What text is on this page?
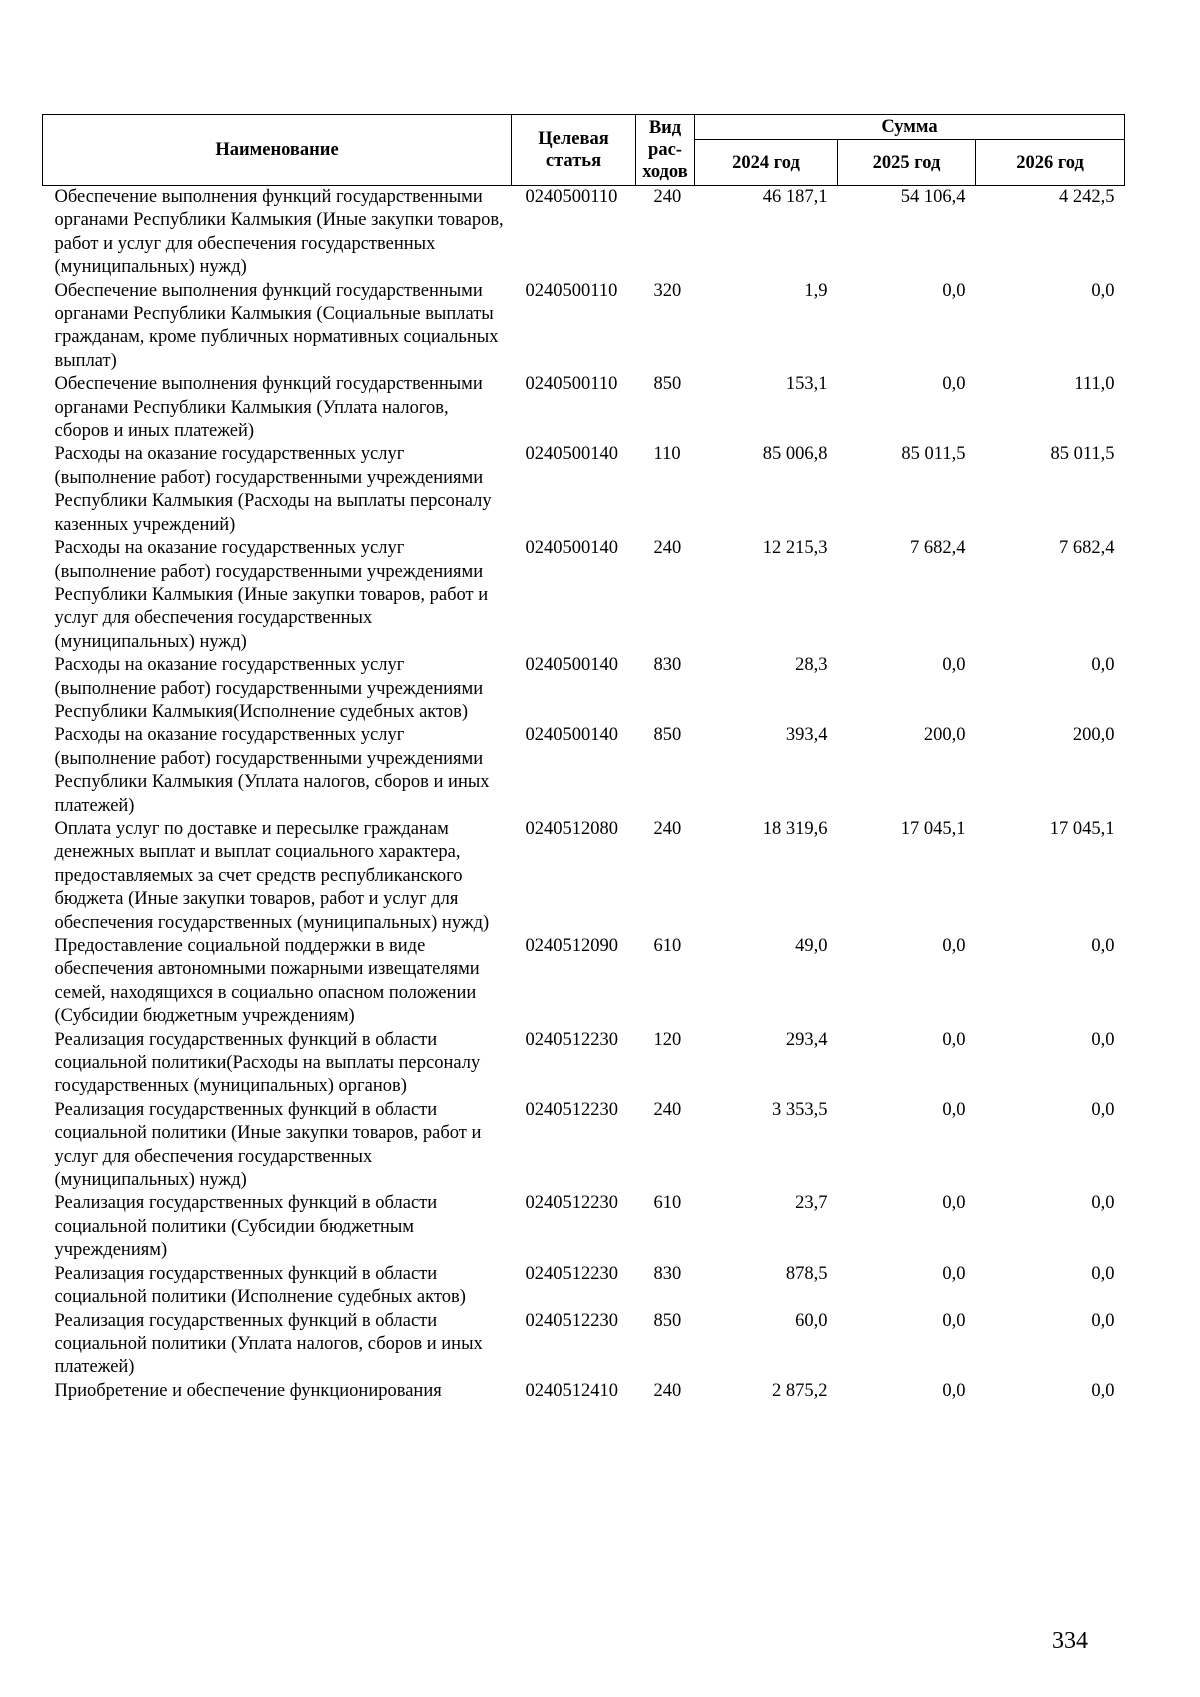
Наименование	Целевая статья	Вид рас- ходов	Сумма		
			2024 год	2025 год	2026 год
Обеспечение выполнения функций государственными органами Республики Калмыкия (Иные закупки товаров, работ и услуг для обеспечения государственных (муниципальных) нужд)	0240500110	240	46 187,1	54 106,4	4 242,5
Обеспечение выполнения функций государственными органами Республики Калмыкия (Социальные выплаты гражданам, кроме публичных нормативных социальных выплат)	0240500110	320	1,9	0,0	0,0
Обеспечение выполнения функций государственными органами Республики Калмыкия (Уплата налогов, сборов и иных платежей)	0240500110	850	153,1	0,0	111,0
Расходы на оказание государственных услуг (выполнение работ) государственными учреждениями Республики Калмыкия (Расходы на выплаты персоналу казенных учреждений)	0240500140	110	85 006,8	85 011,5	85 011,5
Расходы на оказание государственных услуг (выполнение работ) государственными учреждениями Республики Калмыкия (Иные закупки товаров, работ и услуг для обеспечения государственных (муниципальных) нужд)	0240500140	240	12 215,3	7 682,4	7 682,4
Расходы на оказание государственных услуг (выполнение работ) государственными учреждениями Республики Калмыкия(Исполнение судебных актов)	0240500140	830	28,3	0,0	0,0
Расходы на оказание государственных услуг (выполнение работ) государственными учреждениями Республики Калмыкия (Уплата налогов, сборов и иных платежей)	0240500140	850	393,4	200,0	200,0
Оплата услуг по доставке и пересылке гражданам денежных выплат и выплат социального характера, предоставляемых за счет средств республиканского бюджета (Иные закупки товаров, работ и услуг для обеспечения государственных (муниципальных) нужд)	0240512080	240	18 319,6	17 045,1	17 045,1
Предоставление социальной поддержки в виде обеспечения автономными пожарными извещателями семей, находящихся в социально опасном положении (Субсидии бюджетным учреждениям)	0240512090	610	49,0	0,0	0,0
Реализация государственных функций в области социальной политики(Расходы на выплаты персоналу государственных (муниципальных) органов)	0240512230	120	293,4	0,0	0,0
Реализация государственных функций в области социальной политики (Иные закупки товаров, работ и услуг для обеспечения государственных (муниципальных) нужд)	0240512230	240	3 353,5	0,0	0,0
Реализация государственных функций в области социальной политики (Субсидии бюджетным учреждениям)	0240512230	610	23,7	0,0	0,0
Реализация государственных функций в области социальной политики (Исполнение судебных актов)	0240512230	830	878,5	0,0	0,0
Реализация государственных функций в области социальной политики (Уплата налогов, сборов и иных платежей)	0240512230	850	60,0	0,0	0,0
Приобретение и обеспечение функционирования	0240512410	240	2 875,2	0,0	0,0
334
